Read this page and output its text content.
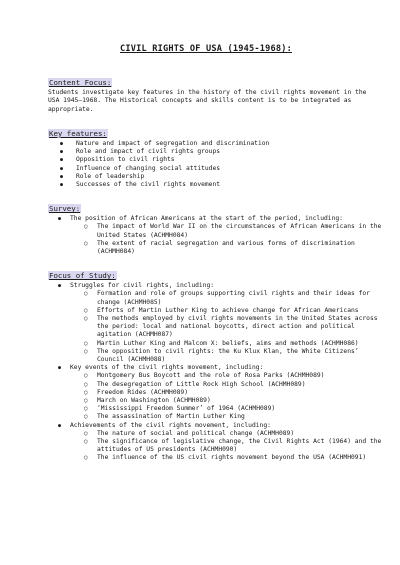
CIVIL RIGHTS OF USA (1945-1968):
Content Focus:

Students investigate key features in the history of the civil rights movement in the USA 1945–1968. The Historical concepts and skills content is to be integrated as appropriate.

Key features:
● Nature and impact of segregation and discrimination
● Role and impact of civil rights groups
● Opposition to civil rights
● Influence of changing social attitudes
● Role of leadership
● Successes of the civil rights movement
Survey:
● The position of African Americans at the start of the period, including:
○ The impact of World War II on the circumstances of African Americans in the United States (ACHMH084)
○ The extent of racial segregation and various forms of discrimination (ACHMH084)
Focus of Study:
● Struggles for civil rights, including:
○ Formation and role of groups supporting civil rights and their ideas for change (ACHMH085)
○ Efforts of Martin Luther King to achieve change for African Americans
○ The methods employed by civil rights movements in the United States across the period: local and national boycotts, direct action and political agitation (ACHMH087)
○ Martin Luther King and Malcom X: beliefs, aims and methods (ACHMH086)
○ The opposition to civil rights: the Ku Klux Klan, the White Citizens’ Council (ACHMH088)
● Key events of the civil rights movement, including:
○ Montgomery Bus Boycott and the role of Rosa Parks (ACHMH089)
○ The desegregation of Little Rock High School (ACHMH089)
○ Freedom Rides (ACHMH089)
○ March on Washington (ACHMH089)
○ ‘Mississippi Freedom Summer’ of 1964 (ACHMH089)
○ The assassination of Martin Luther King
● Achievements of the civil rights movement, including:
○ The nature of social and political change (ACHMH089)
○ The significance of legislative change, the Civil Rights Act (1964) and the attitudes of US presidents (ACHMH090)
○ The influence of the US civil rights movement beyond the USA (ACHMH091)
